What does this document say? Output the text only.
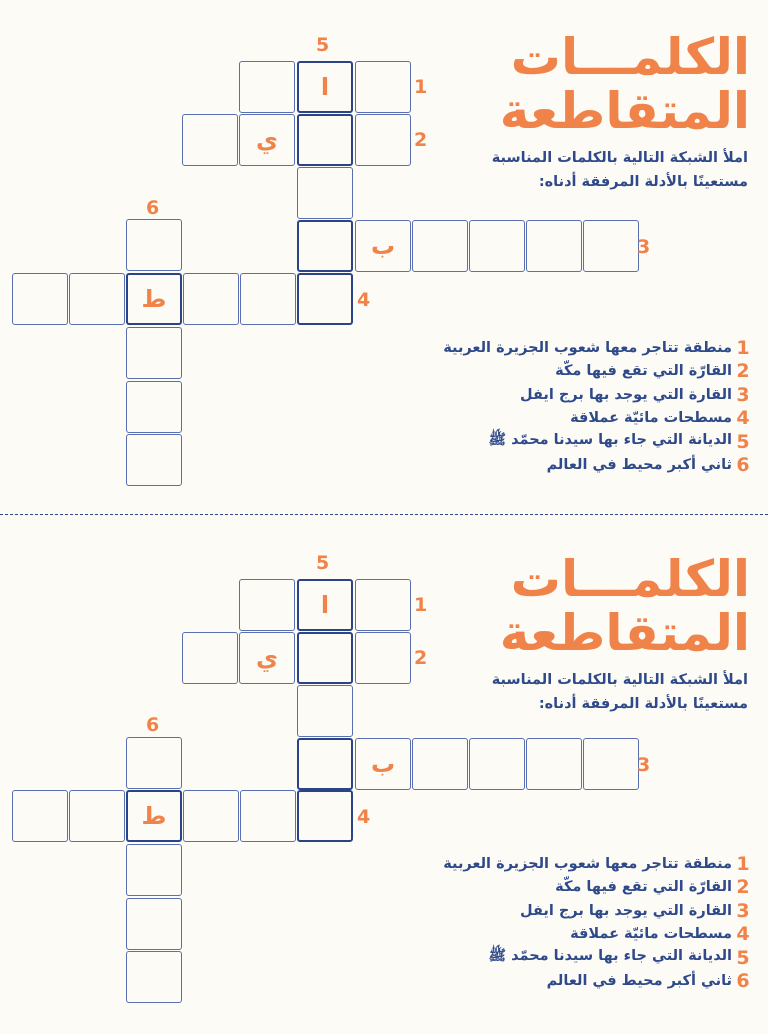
الكلمـــات
المتقاطعة
املأ الشبكة التالية بالكلمات المناسبة
مستعينًا بالأدلة المرفقة أدناه:
ا
ي
ب
ط
5
1
2
6
3
4
1
منطقة تتاجر معها شعوب الجزيرة العربية
2
القارّة التي تقع فيها مكّة
3
القارة التي يوجد بها برج ايفل
4
مسطحات مائيّة عملاقة
5
الديانة التي جاء بها سيدنا محمّد ﷺ
6
ثاني أكبر محيط في العالم
الكلمـــات
المتقاطعة
املأ الشبكة التالية بالكلمات المناسبة
مستعينًا بالأدلة المرفقة أدناه:
ا
ي
ب
ط
5
1
2
6
3
4
1
منطقة تتاجر معها شعوب الجزيرة العربية
2
القارّة التي تقع فيها مكّة
3
القارة التي يوجد بها برج ايفل
4
مسطحات مائيّة عملاقة
5
الديانة التي جاء بها سيدنا محمّد ﷺ
6
ثاني أكبر محيط في العالم
